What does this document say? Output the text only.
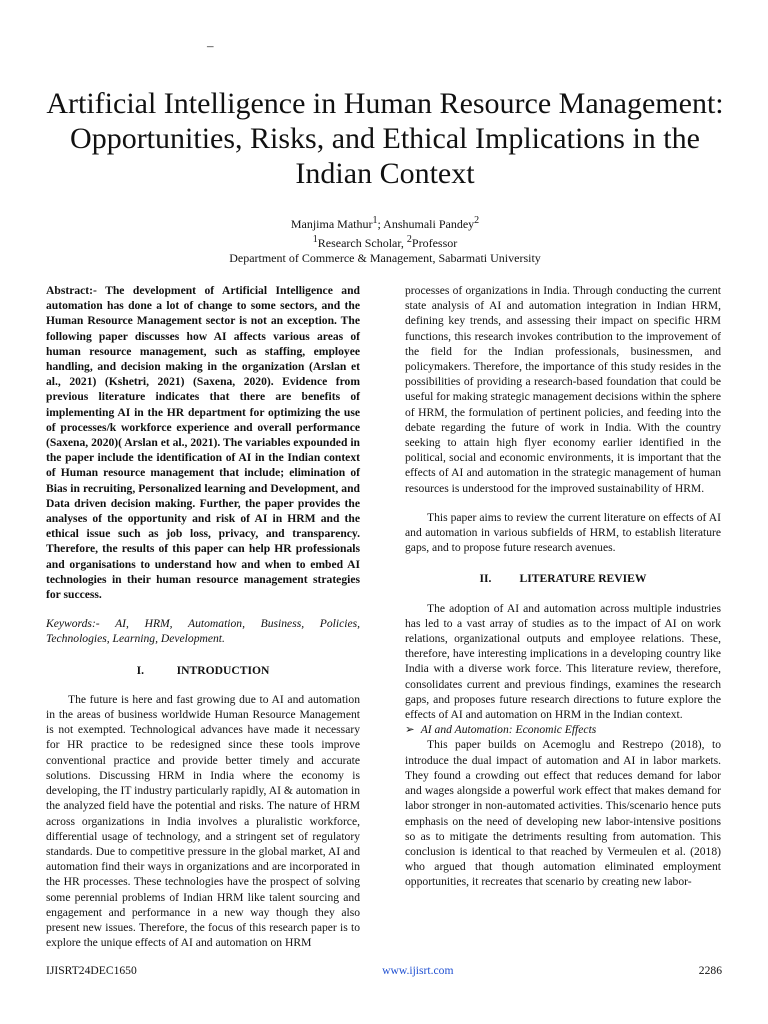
–
Artificial Intelligence in Human Resource Management: Opportunities, Risks, and Ethical Implications in the Indian Context
Manjima Mathur$^1$; Anshumali Pandey$^2$
$^1$Research Scholar, $^2$Professor
Department of Commerce & Management, Sabarmati University

Abstract:- The development of Artificial Intelligence and automation has done a lot of change to some sectors, and the Human Resource Management sector is not an exception. The following paper discusses how AI affects various areas of human resource management, such as staffing, employee handling, and decision making in the organization (Arslan et al., 2021) (Kshetri, 2021) (Saxena, 2020). Evidence from previous literature indicates that there are benefits of implementing AI in the HR department for optimizing the use of processes/k workforce experience and overall performance (Saxena, 2020)( Arslan et al., 2021). The variables expounded in the paper include the identification of AI in the Indian context of Human resource management that include; elimination of Bias in recruiting, Personalized learning and Development, and Data driven decision making. Further, the paper provides the analyses of the opportunity and risk of AI in HRM and the ethical issue such as job loss, privacy, and transparency. Therefore, the results of this paper can help HR professionals and organisations to understand how and when to embed AI technologies in their human resource management strategies for success.

Keywords:- AI, HRM, Automation, Business, Policies, Technologies, Learning, Development.

I.	INTRODUCTION

The future is here and fast growing due to AI and automation in the areas of business worldwide Human Resource Management is not exempted. Technological advances have made it necessary for HR practice to be redesigned since these tools improve conventional practice and provide better timely and accurate solutions. Discussing HRM in India where the economy is developing, the IT industry particularly rapidly, AI & automation in the analyzed field have the potential and risks. The nature of HRM across organizations in India involves a pluralistic workforce, differential usage of technology, and a stringent set of regulatory standards. Due to competitive pressure in the global market, AI and automation find their ways in organizations and are incorporated in the HR processes. These technologies have the prospect of solving some perennial problems of Indian HRM like talent sourcing and engagement and performance in a new way though they also present new issues. Therefore, the focus of this research paper is to explore the unique effects of AI and automation on HRM

processes of organizations in India. Through conducting the current state analysis of AI and automation integration in Indian HRM, defining key trends, and assessing their impact on specific HRM functions, this research invokes contribution to the improvement of the field for the Indian professionals, businessmen, and policymakers. Therefore, the importance of this study resides in the possibilities of providing a research-based foundation that could be useful for making strategic management decisions within the sphere of HRM, the formulation of pertinent policies, and feeding into the debate regarding the future of work in India. With the country seeking to attain high flyer economy earlier identified in the political, social and economic environments, it is important that the effects of AI and automation in the strategic management of human resources is understood for the improved sustainability of HRM.

This paper aims to review the current literature on effects of AI and automation in various subfields of HRM, to establish literature gaps, and to propose future research avenues.

II.	LITERATURE REVIEW

The adoption of AI and automation across multiple industries has led to a vast array of studies as to the impact of AI on work relations, organizational outputs and employee relations. These, therefore, have interesting implications in a developing country like India with a diverse work force. This literature review, therefore, consolidates current and previous findings, examines the research gaps, and proposes future research directions to future explore the effects of AI and automation on HRM in the Indian context.

➢ AI and Automation: Economic Effects

This paper builds on Acemoglu and Restrepo (2018), to introduce the dual impact of automation and AI in labor markets. They found a crowding out effect that reduces demand for labor and wages alongside a powerful work effect that makes demand for labor stronger in non-automated activities. This/scenario hence puts emphasis on the need of developing new labor-intensive positions so as to mitigate the detriments resulting from automation. This conclusion is identical to that reached by Vermeulen et al. (2018) who argued that though automation eliminated employment opportunities, it recreates that scenario by creating new labor-

IJISRT24DEC1650	www.ijisrt.com	2286
